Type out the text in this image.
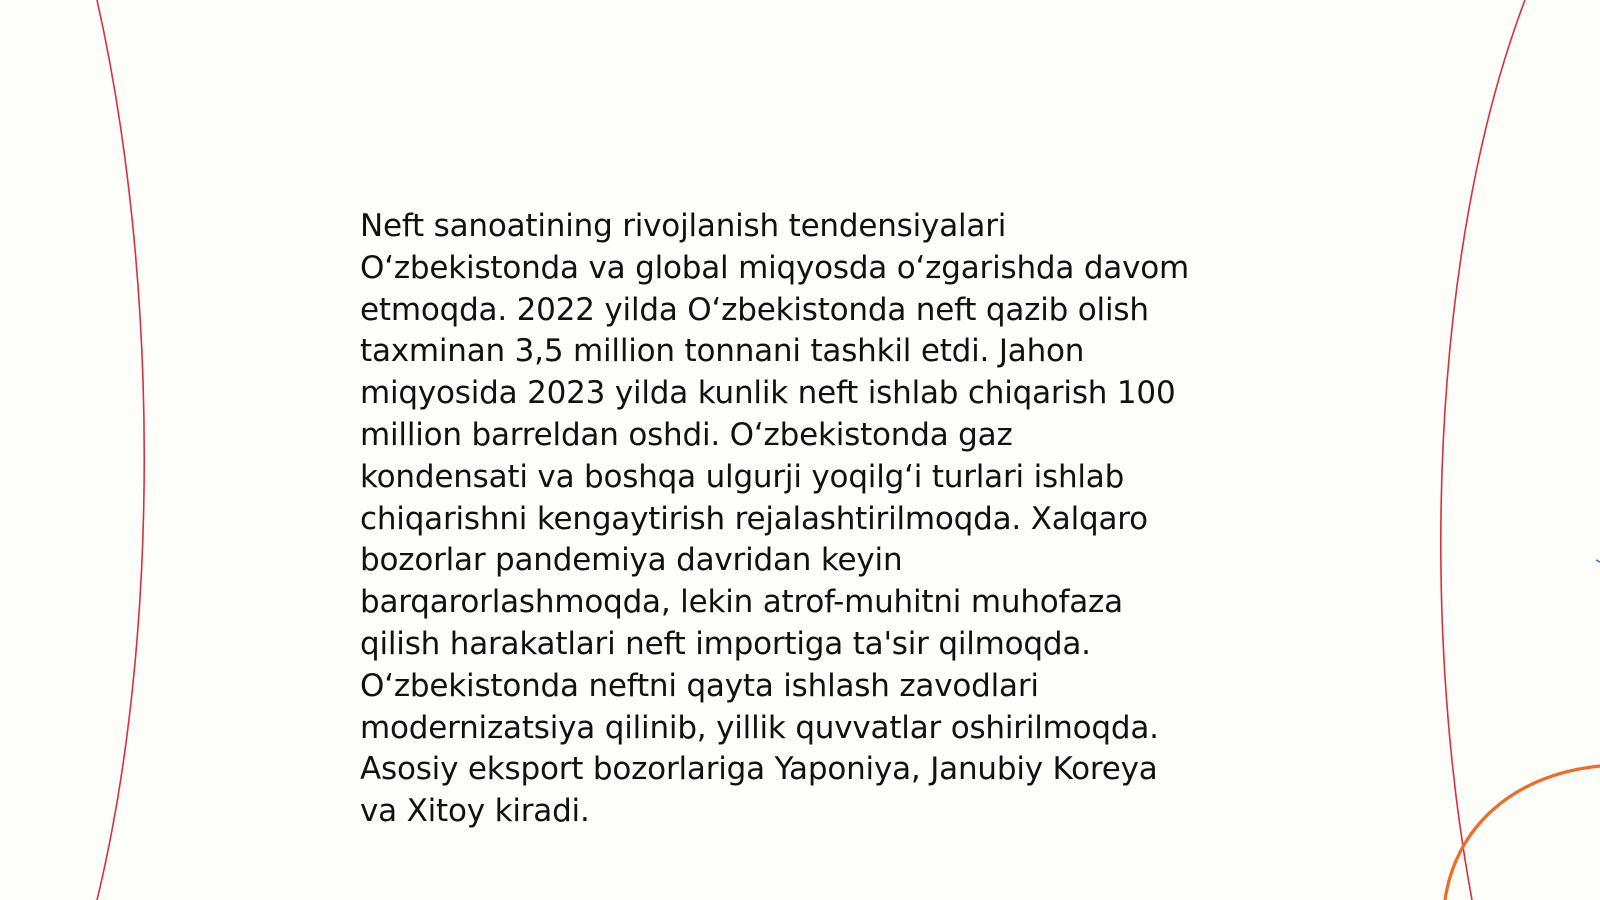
Neft sanoatining rivojlanish tendensiyalari
O‘zbekistonda va global miqyosda o‘zgarishda davom
etmoqda. 2022 yilda O‘zbekistonda neft qazib olish
taxminan 3,5 million tonnani tashkil etdi. Jahon
miqyosida 2023 yilda kunlik neft ishlab chiqarish 100
million barreldan oshdi. O‘zbekistonda gaz
kondensati va boshqa ulgurji yoqilg‘i turlari ishlab
chiqarishni kengaytirish rejalashtirilmoqda. Xalqaro
bozorlar pandemiya davridan keyin
barqarorlashmoqda, lekin atrof-muhitni muhofaza
qilish harakatlari neft importiga ta'sir qilmoqda.
O‘zbekistonda neftni qayta ishlash zavodlari
modernizatsiya qilinib, yillik quvvatlar oshirilmoqda.
Asosiy eksport bozorlariga Yaponiya, Janubiy Koreya
va Xitoy kiradi.
